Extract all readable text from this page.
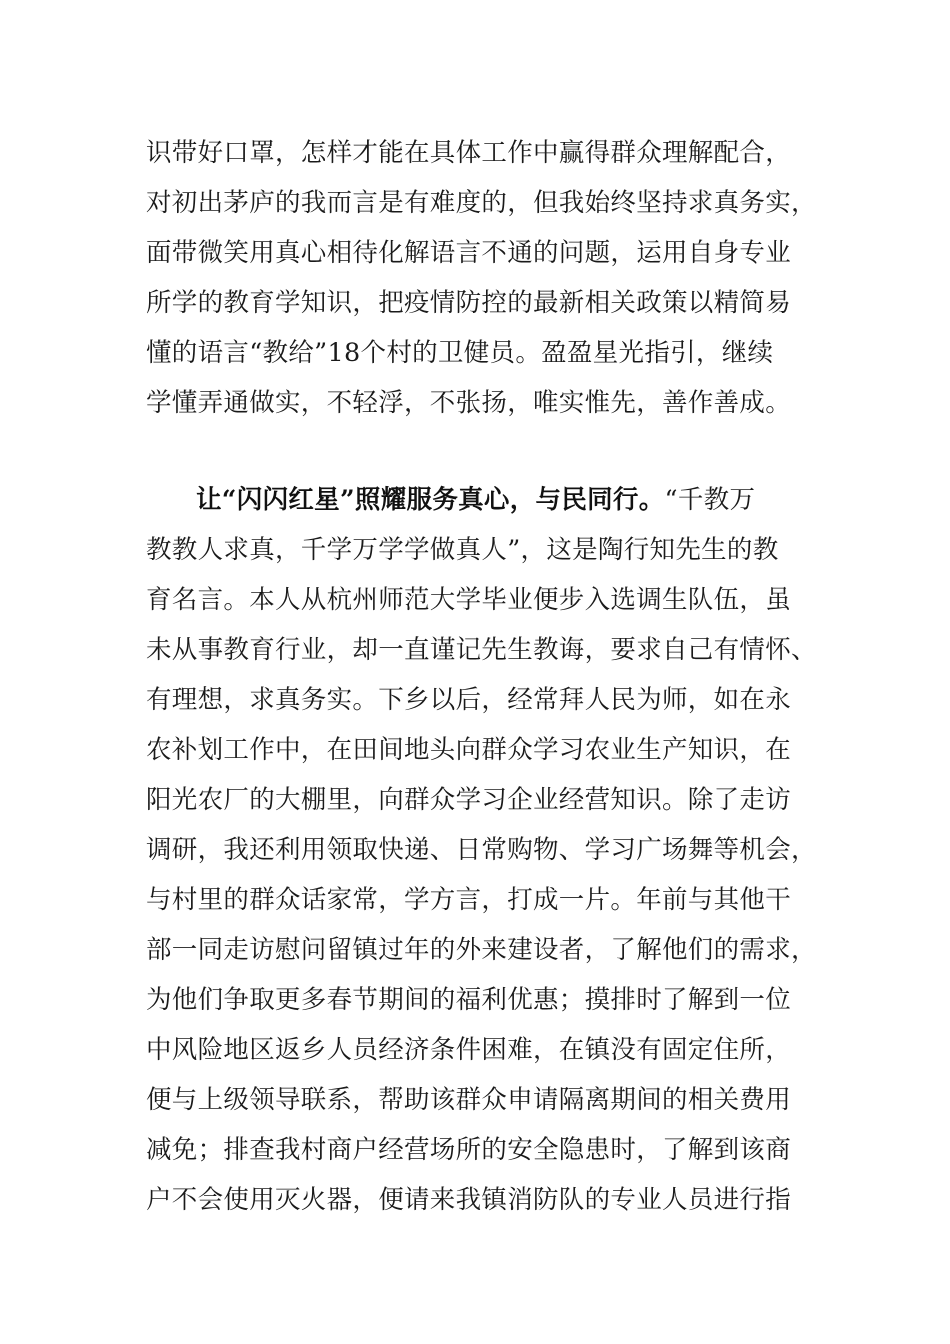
识带好口罩，怎样才能在具体工作中赢得群众理解配合，
对初出茅庐的我而言是有难度的，但我始终坚持求真务实，
面带微笑用真心相待化解语言不通的问题，运用自身专业
所学的教育学知识，把疫情防控的最新相关政策以精简易
懂的语言“教给”18个村的卫健员。盈盈星光指引，继续
学懂弄通做实，不轻浮，不张扬，唯实惟先，善作善成。
让“闪闪红星”照耀服务真心，与民同行。“千教万
教教人求真，千学万学学做真人”，这是陶行知先生的教
育名言。本人从杭州师范大学毕业便步入选调生队伍，虽
未从事教育行业，却一直谨记先生教诲，要求自己有情怀、
有理想，求真务实。下乡以后，经常拜人民为师，如在永
农补划工作中，在田间地头向群众学习农业生产知识，在
阳光农厂的大棚里，向群众学习企业经营知识。除了走访
调研，我还利用领取快递、日常购物、学习广场舞等机会，
与村里的群众话家常，学方言，打成一片。年前与其他干
部一同走访慰问留镇过年的外来建设者，了解他们的需求，
为他们争取更多春节期间的福利优惠；摸排时了解到一位
中风险地区返乡人员经济条件困难，在镇没有固定住所，
便与上级领导联系，帮助该群众申请隔离期间的相关费用
减免；排查我村商户经营场所的安全隐患时，了解到该商
户不会使用灭火器，便请来我镇消防队的专业人员进行指
